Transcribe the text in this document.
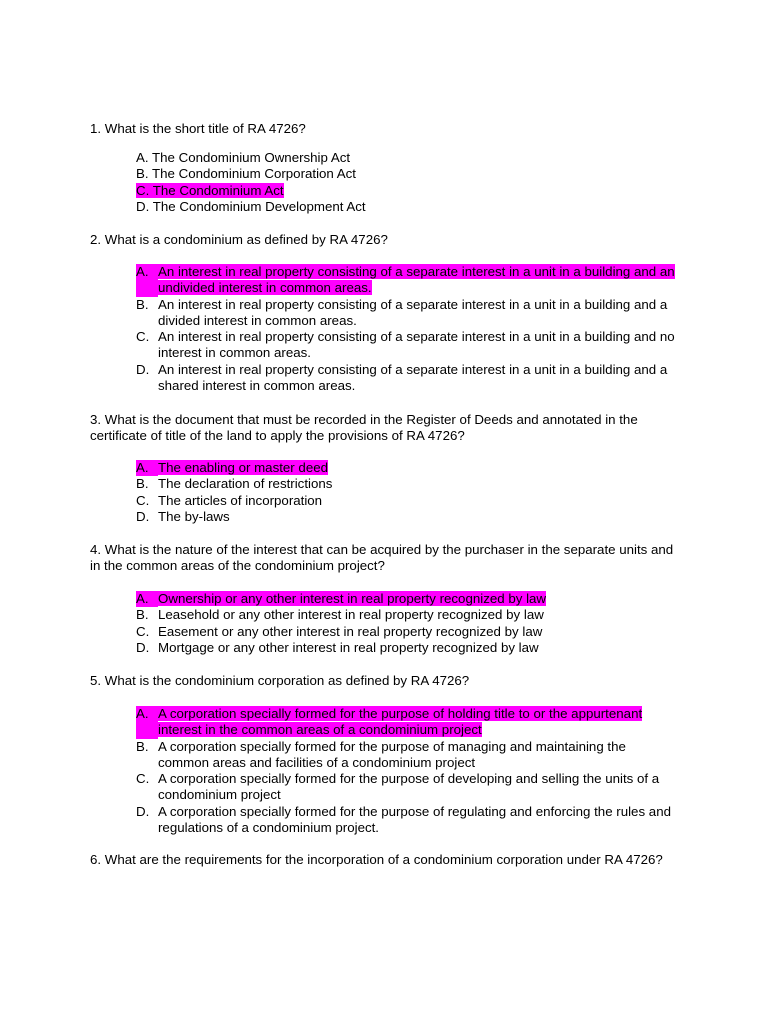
1. What is the short title of RA 4726?
A. The Condominium Ownership Act
B. The Condominium Corporation Act
C. The Condominium Act
D. The Condominium Development Act
2. What is a condominium as defined by RA 4726?
A. An interest in real property consisting of a separate interest in a unit in a building and an undivided interest in common areas.
B. An interest in real property consisting of a separate interest in a unit in a building and a divided interest in common areas.
C. An interest in real property consisting of a separate interest in a unit in a building and no interest in common areas.
D. An interest in real property consisting of a separate interest in a unit in a building and a shared interest in common areas.
3. What is the document that must be recorded in the Register of Deeds and annotated in the certificate of title of the land to apply the provisions of RA 4726?
A. The enabling or master deed
B. The declaration of restrictions
C. The articles of incorporation
D. The by-laws
4. What is the nature of the interest that can be acquired by the purchaser in the separate units and in the common areas of the condominium project?
A. Ownership or any other interest in real property recognized by law
B. Leasehold or any other interest in real property recognized by law
C. Easement or any other interest in real property recognized by law
D. Mortgage or any other interest in real property recognized by law
5. What is the condominium corporation as defined by RA 4726?
A. A corporation specially formed for the purpose of holding title to or the appurtenant interest in the common areas of a condominium project
B. A corporation specially formed for the purpose of managing and maintaining the common areas and facilities of a condominium project
C. A corporation specially formed for the purpose of developing and selling the units of a condominium project
D. A corporation specially formed for the purpose of regulating and enforcing the rules and regulations of a condominium project.
6. What are the requirements for the incorporation of a condominium corporation under RA 4726?
